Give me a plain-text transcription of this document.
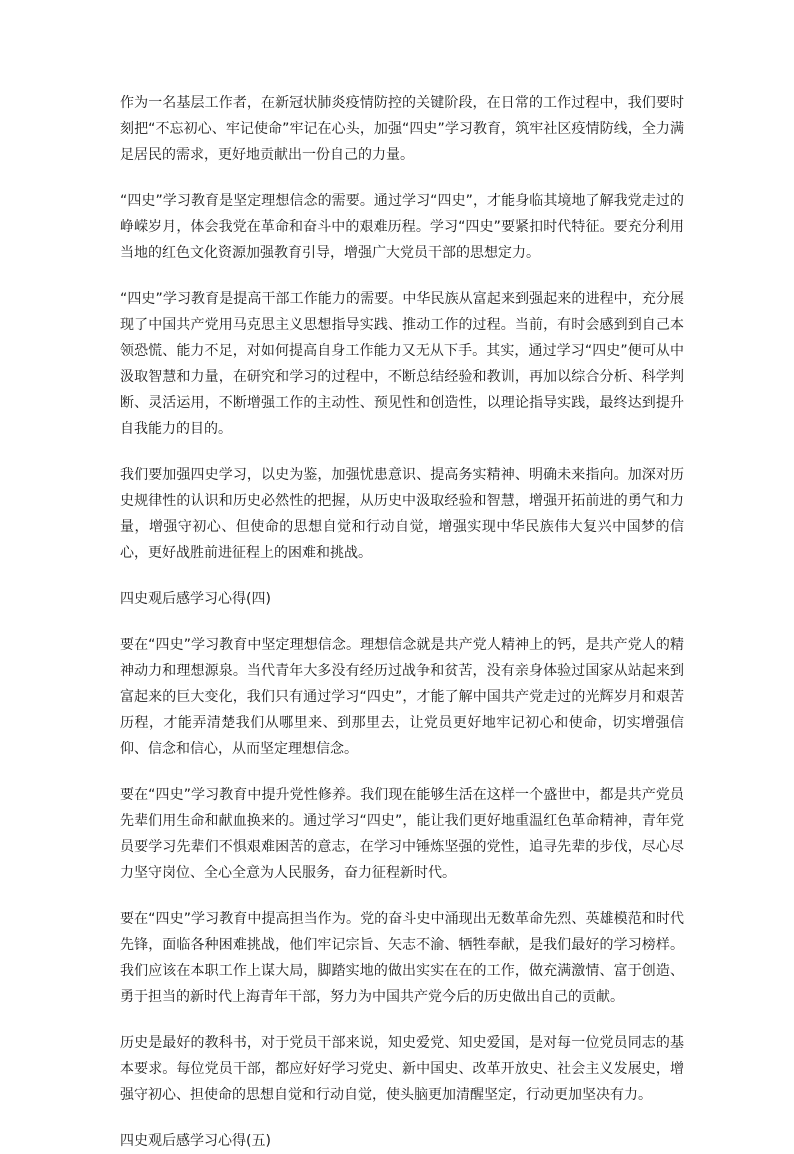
作为一名基层工作者，在新冠状肺炎疫情防控的关键阶段，在日常的工作过程中，我们要时刻把“不忘初心、牢记使命”牢记在心头，加强“四史”学习教育，筑牢社区疫情防线，全力满足居民的需求，更好地贡献出一份自己的力量。

“四史”学习教育是坚定理想信念的需要。通过学习“四史”，才能身临其境地了解我党走过的峥嵘岁月，体会我党在革命和奋斗中的艰难历程。学习“四史”要紧扣时代特征。要充分利用当地的红色文化资源加强教育引导，增强广大党员干部的思想定力。

“四史”学习教育是提高干部工作能力的需要。中华民族从富起来到强起来的进程中，充分展现了中国共产党用马克思主义思想指导实践、推动工作的过程。当前，有时会感到到自己本领恐慌、能力不足，对如何提高自身工作能力又无从下手。其实，通过学习“四史”便可从中汲取智慧和力量，在研究和学习的过程中，不断总结经验和教训，再加以综合分析、科学判断、灵活运用，不断增强工作的主动性、预见性和创造性，以理论指导实践，最终达到提升自我能力的目的。

我们要加强四史学习，以史为鉴，加强忧患意识、提高务实精神、明确未来指向。加深对历史规律性的认识和历史必然性的把握，从历史中汲取经验和智慧，增强开拓前进的勇气和力量，增强守初心、但使命的思想自觉和行动自觉，增强实现中华民族伟大复兴中国梦的信心，更好战胜前进征程上的困难和挑战。

四史观后感学习心得(四)

要在“四史”学习教育中坚定理想信念。理想信念就是共产党人精神上的钙，是共产党人的精神动力和理想源泉。当代青年大多没有经历过战争和贫苦，没有亲身体验过国家从站起来到富起来的巨大变化，我们只有通过学习“四史”，才能了解中国共产党走过的光辉岁月和艰苦历程，才能弄清楚我们从哪里来、到那里去，让党员更好地牢记初心和使命，切实增强信仰、信念和信心，从而坚定理想信念。

要在“四史”学习教育中提升党性修养。我们现在能够生活在这样一个盛世中，都是共产党员先辈们用生命和献血换来的。通过学习“四史”，能让我们更好地重温红色革命精神，青年党员要学习先辈们不惧艰难困苦的意志，在学习中锤炼坚强的党性，追寻先辈的步伐，尽心尽力坚守岗位、全心全意为人民服务，奋力征程新时代。

要在“四史”学习教育中提高担当作为。党的奋斗史中涌现出无数革命先烈、英雄模范和时代先锋，面临各种困难挑战，他们牢记宗旨、矢志不渝、牺牲奉献，是我们最好的学习榜样。我们应该在本职工作上谋大局，脚踏实地的做出实实在在的工作，做充满激情、富于创造、勇于担当的新时代上海青年干部，努力为中国共产党今后的历史做出自己的贡献。

历史是最好的教科书，对于党员干部来说，知史爱党、知史爱国，是对每一位党员同志的基本要求。每位党员干部，都应好好学习党史、新中国史、改革开放史、社会主义发展史，增强守初心、担使命的思想自觉和行动自觉，使头脑更加清醒坚定，行动更加坚决有力。

四史观后感学习心得(五)
